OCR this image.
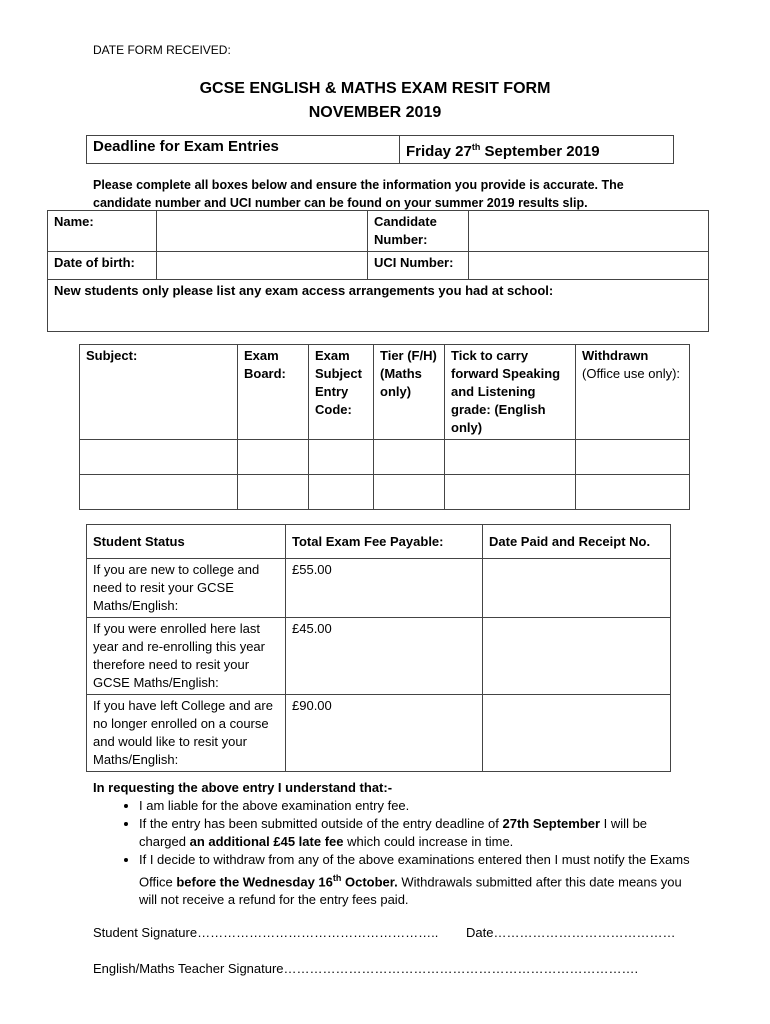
DATE FORM RECEIVED:
GCSE ENGLISH & MATHS EXAM RESIT FORM
NOVEMBER 2019
Deadline for Exam Entries	Friday 27th September 2019
Please complete all boxes below and ensure the information you provide is accurate. The
candidate number and UCI number can be found on your summer 2019 results slip.
Name:		Candidate Number:	
Date of birth:		UCI Number:	
New students only please list any exam access arrangements you had at school:			
Subject:	Exam Board:	Exam Subject Entry Code:	Tier (F/H) (Maths only)	Tick to carry forward Speaking and Listening grade: (English only)	Withdrawn
(Office use only):

Student Status	Total Exam Fee Payable:	Date Paid and Receipt No.
If you are new to college and need to resit your GCSE Maths/English:	£55.00	
If you were enrolled here last year and re-enrolling this year therefore need to resit your GCSE Maths/English:	£45.00	
If you have left College and are no longer enrolled on a course and would like to resit your Maths/English:	£90.00	
In requesting the above entry I understand that:-
• I am liable for the above examination entry fee.
• If the entry has been submitted outside of the entry deadline of 27th September I will be charged an additional £45 late fee which could increase in time.
• If I decide to withdraw from any of the above examinations entered then I must notify the Exams Office before the Wednesday 16th October. Withdrawals submitted after this date means you will not receive a refund for the entry fees paid.
Student Signature……………………………………………….. Date……………………………………
English/Maths Teacher Signature……………………………………………………………………….
